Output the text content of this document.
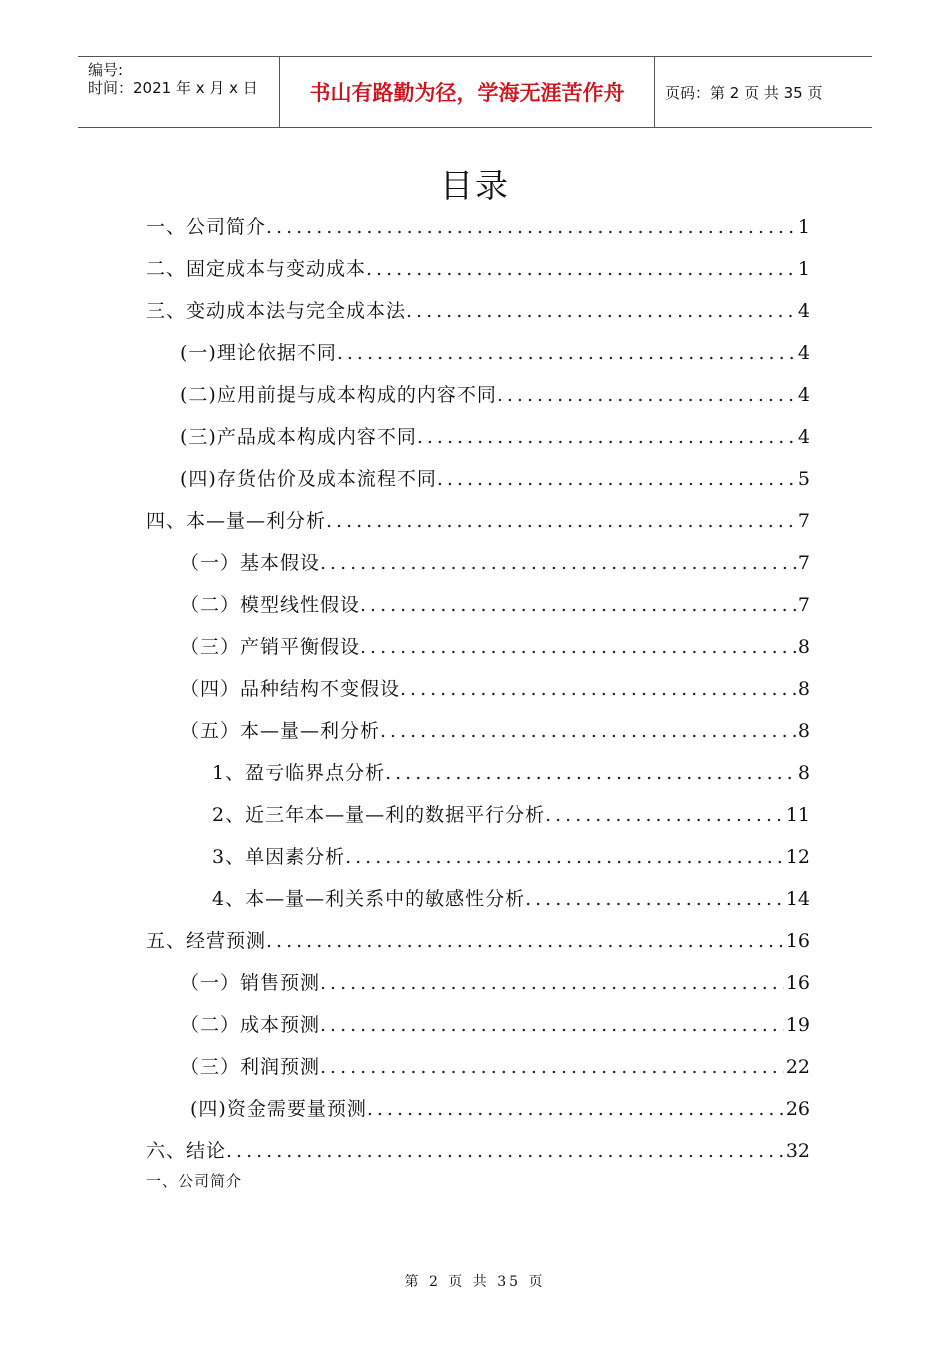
编号:
时间：2021 年 x 月 x 日	书山有路勤为径，学海无涯苦作舟	页码：第 2 页 共 35 页
目录
一、公司简介 .....	1
二、固定成本与变动成本 .....	1
三、变动成本法与完全成本法 .....	4
(一)理论依据不同 .....	4
(二)应用前提与成本构成的内容不同 .....	4
(三)产品成本构成内容不同 .....	4
(四)存货估价及成本流程不同 .....	5
四、本—量—利分析 .....	7
（一）基本假设 .....	7
（二）模型线性假设 .....	7
（三）产销平衡假设 .....	8
（四）品种结构不变假设 .....	8
（五）本—量—利分析 .....	8
1、盈亏临界点分析 .....	8
2、近三年本—量—利的数据平行分析 .....	11
3、单因素分析 .....	12
4、本—量—利关系中的敏感性分析 .....	14
五、经营预测 .....	16
（一）销售预测 .....	16
（二）成本预测 .....	19
（三）利润预测 .....	22
(四)资金需要量预测 .....	26
六、结论 .....	32
一、公司简介
第 2 页 共 35 页
